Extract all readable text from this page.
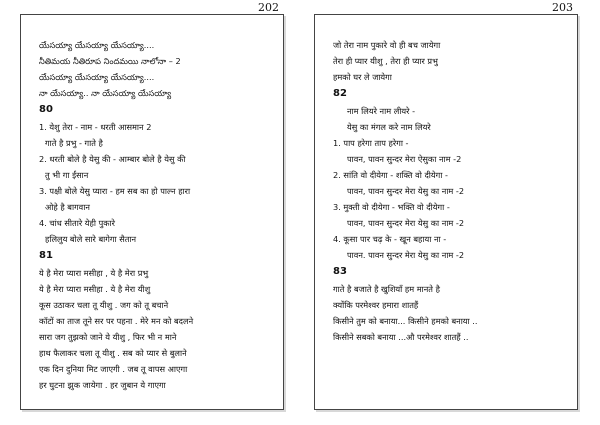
202
యేసయ్యా యేసయ్యా యేసయ్యా....
నీతిమయ నీతిరూప నిందమయి నాలోనా – 2
యేసయ్యా యేసయ్యా యేసయ్యా....
నా యేసయ్యా.. నా యేసయ్యా యేసయ్యా
80
1. येशु तेरा - नाम - धरती आसमान 2
गाते है प्रभु - गाते है
2. धरती बोले है येसु की - आम्बार बोले है येसु की
तु भी गा ईंसान
3. पक्षी बोले येसु प्यारा - हम सब का हो पाल्न हारा
ओहे है बागवान
4. चांध सीतारे येही पुकारे
हलिलुय बोले सारे बागेगा सैतान
81
ये है मेरा प्यारा मसीहा , ये है मेरा प्रभु
ये है मेरा प्यारा मसीहा . ये है मेरा यीशु
कूस उठाकर चला तू यीशु . जग को तू बचाने
कॉटों का ताज तूने सर पर पहना . मेरे मन को बदलने
सारा जग तुझको जाने ये यीशु , फिर भी न माने
हाथ फैलाकर चला तू यीशु . सब को प्यार से बुलाने
एक दिन दुनिया मिट जाएगी . जब तू वापस आएगा
हर घुटना झुक जायेगा . हर जुबान ये गाएगा
203
जो तेरा नाम पुकारे वो ही बच जायेगा
तेरा ही प्यार यीशु , तेरा ही प्यार प्रभु
हमको घर ले जायेगा
82
नाम लियरे नाम लीयरे -
येसु का मंगल करे नाम लियरे
1. पाप हरेगा ताप हरेगा -
पावन, पावन सुन्दर मेरा ऐसुका नाम -2
2. सांति वो दीयेगा - शक्ति वो दीयेगा -
पावन, पावन सुन्दर मेरा येसु का नाम -2
3. मुक्ती वो दीयेगा - भक्ति वो दीयेगा -
पावन, पावन सुन्दर मेरा येसु का नाम -2
4. कूसा पार चढ़ के - खून बहाया ना -
पावन. पावन सुन्दर मेरा येसु का नाम -2
83
गाते है बजाते है खुशियाँ हम मानते है
क्योंकि परमेश्वर हमारा शातहैं
किसीने तुम को बनाया... किसीने हमको बनाया ..
किसीने सबको बनाया ...औ परमेश्वर शातहैं ..
